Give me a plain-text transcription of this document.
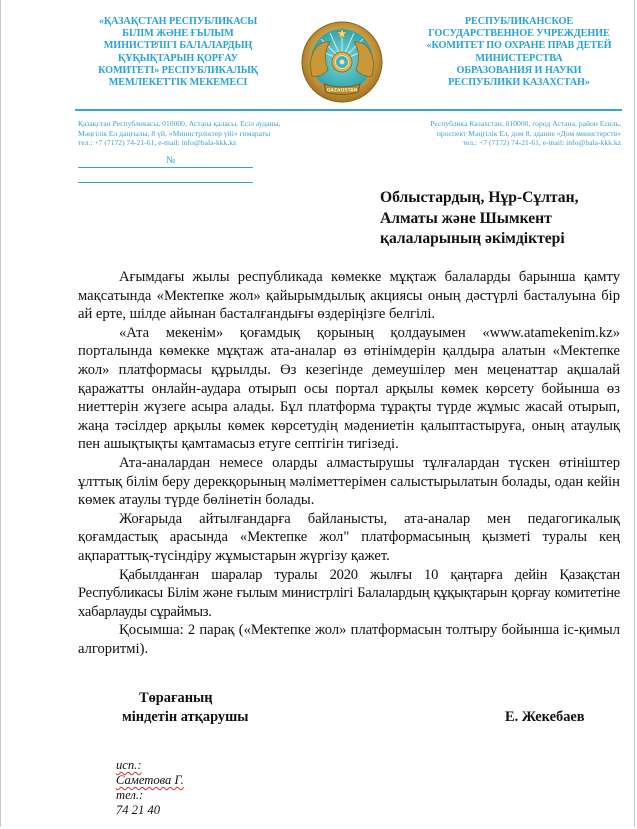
«ҚАЗАҚСТАН РЕСПУБЛИКАСЫ
БІЛІМ ЖӘНЕ ҒЫЛЫМ
МИНИСТРЛІГІ БАЛАЛАРДЫҢ
ҚҰҚЫҚТАРЫН ҚОРҒАУ
КОМИТЕТІ» РЕСПУБЛИКАЛЫҚ
МЕМЛЕКЕТТІК МЕКЕМЕСІ
QAZAQSTAN
РЕСПУБЛИКАНСКОЕ
ГОСУДАРСТВЕННОЕ УЧРЕЖДЕНИЕ
«КОМИТЕТ ПО ОХРАНЕ ПРАВ ДЕТЕЙ
МИНИСТЕРСТВА
ОБРАЗОВАНИЯ И НАУКИ
РЕСПУБЛИКИ КАЗАХСТАН»
Қазақстан Республикасы, 010000, Астана қаласы, Есіл ауданы,
Мәңгілік Ел даңғылы, 8 үй, «Министрліктер үйі» ғимараты
тел.: +7 (7172) 74-21-61, e-mail: info@bala-kkk.kz
Республика Казахстан, 010000, город Астана, район Есиль,
проспект Мәңгілік Ел, дом 8, здание «Дом министерств»
тел.: +7 (7172) 74-21-61, e-mail: info@bala-kkk.kz
№
Облыстардың, Нұр-Сұлтан,
Алматы және Шымкент
қалаларының әкімдіктері

Ағымдағы жылы республикада көмекке мұқтаж балаларды барынша қамту мақсатында «Мектепке жол» қайырымдылық акциясы оның дәстүрлі басталуына бір ай ерте, шілде айынан басталғандығы өздеріңізге белгілі.

«Ата мекенім» қоғамдық қорының қолдауымен «www.atamekenim.kz» порталында көмекке мұқтаж ата-аналар өз өтінімдерін қалдыра алатын «Мектепке жол» платформасы құрылды. Өз кезегінде демеушілер мен меценаттар ақшалай қаражатты онлайн-аудара отырып осы портал арқылы көмек көрсету бойынша өз ниеттерін жүзеге асыра алады. Бұл платформа тұрақты түрде жұмыс жасай отырып, жаңа тәсілдер арқылы көмек көрсетудің мәдениетін қалыптастыруға, оның атаулық пен ашықтықты қамтамасыз етуге септігін тигізеді.

Ата-аналардан немесе оларды алмастырушы тұлғалардан түскен өтініштер ұлттық білім беру дерекқорының мәліметтерімен салыстырылатын болады, одан кейін көмек атаулы түрде бөлінетін болады.

Жоғарыда айтылғандарға байланысты, ата-аналар мен педагогикалық қоғамдастық арасында «Мектепке жол" платформасының қызметі туралы кең ақпараттық-түсіндіру жұмыстарын жүргізу қажет.

Қабылданған шаралар туралы 2020 жылғы 10 қаңтарға дейін Қазақстан Республикасы Білім және ғылым министрлігі Балалардың құқықтарын қорғау комитетіне хабарлауды сұраймыз.

Қосымша: 2 парақ («Мектепке жол» платформасын толтыру бойынша іс-қимыл алгоритмі).

Төрағаның
міндетін атқарушы	Е. Жекебаев
исп.:
Саметова Г.
тел.:
74 21 40
